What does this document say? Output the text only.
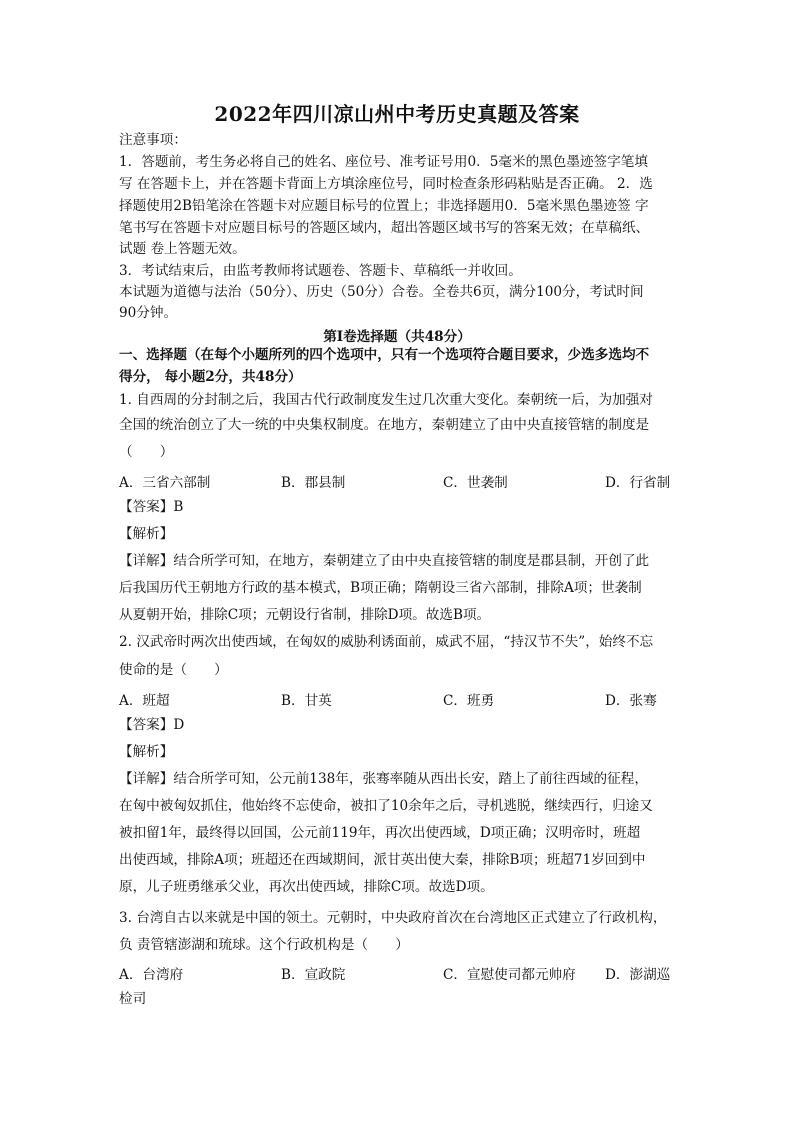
2022年四川凉山州中考历史真题及答案
注意事项：
1．答题前，考生务必将自己的姓名、座位号、准考证号用0．5毫米的黑色墨迹签字笔填
写 在答题卡上，并在答题卡背面上方填涂座位号，同时检查条形码粘贴是否正确。 2．选
择题使用2B铅笔涂在答题卡对应题目标号的位置上；非选择题用0．5毫米黑色墨迹签 字
笔书写在答题卡对应题目标号的答题区域内，超出答题区域书写的答案无效；在草稿纸、
试题 卷上答题无效。
3．考试结束后，由监考教师将试题卷、答题卡、草稿纸一并收回。
本试题为道德与法治（50分）、历史（50分）合卷。全卷共6页，满分100分，考试时间
90分钟。
第Ⅰ卷选择题（共48分）
一、选择题（在每个小题所列的四个选项中，只有一个选项符合题目要求，少选多选均不
得分， 每小题2分，共48分）
1. 自西周的分封制之后，我国古代行政制度发生过几次重大变化。秦朝统一后，为加强对
全国的统治创立了大一统的中央集权制度。在地方，秦朝建立了由中央直接管辖的制度是
（　　）
A．三省六部制	B．郡县制	C．世袭制	D．行省制
【答案】B
【解析】
【详解】结合所学可知，在地方，秦朝建立了由中央直接管辖的制度是郡县制，开创了此
后我国历代王朝地方行政的基本模式，B项正确；隋朝设三省六部制，排除A项；世袭制
从夏朝开始，排除C项；元朝设行省制，排除D项。故选B项。
2. 汉武帝时两次出使西域，在匈奴的威胁利诱面前，威武不屈，“持汉节不失”，始终不忘
使命的是（　　）
A．班超	B．甘英	C．班勇	D．张骞
【答案】D
【解析】
【详解】结合所学可知，公元前138年，张骞率随从西出长安，踏上了前往西域的征程，
在匈中被匈奴抓住，他始终不忘使命，被扣了10余年之后，寻机逃脱，继续西行，归途又
被扣留1年，最终得以回国，公元前119年，再次出使西域，D项正确；汉明帝时，班超
出使西域，排除A项；班超还在西域期间，派甘英出使大秦，排除B项；班超71岁回到中
原，儿子班勇继承父业，再次出使西域，排除C项。故选D项。
3. 台湾自古以来就是中国的领土。元朝时，中央政府首次在台湾地区正式建立了行政机构，
负 责管辖澎湖和琉球。这个行政机构是（　　）
A．台湾府	B．宣政院	C．宣慰使司都元帅府 D．澎湖巡
检司
